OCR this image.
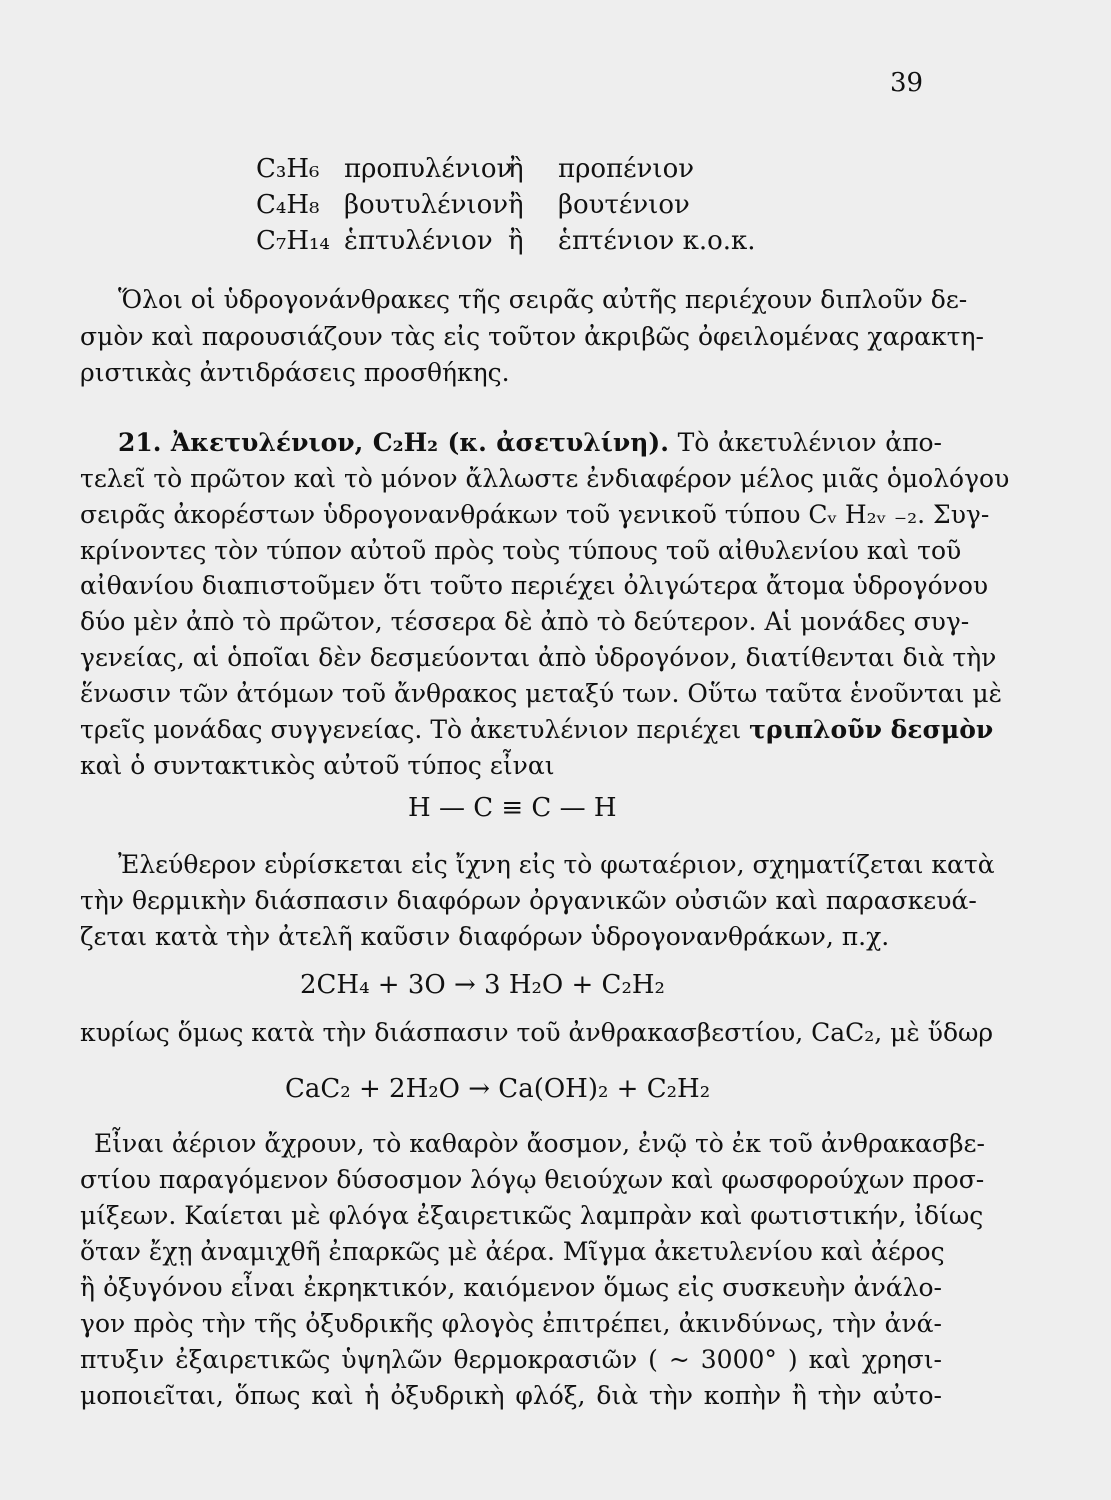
39
C₃H₆ προπυλένιονἢ προπένιον
C₄H₈ βουτυλένιονἢ βουτένιον
C₇H₁₄ ἑπτυλένιον ἢ ἑπτένιον κ.ο.κ.
Ὅλοι οἱ ὑδρογονάνθρακες τῆς σειρᾶς αὐτῆς περιέχουν διπλοῦν δε-
σμὸν καὶ παρουσιάζουν τὰς εἰς τοῦτον ἀκριβῶς ὀφειλομένας χαρακτη-
ριστικὰς ἀντιδράσεις προσθήκης.
21. Ἀκετυλένιον, C₂H₂ (κ. ἀσετυλίνη). Τὸ ἀκετυλένιον ἀπο-
τελεῖ τὸ πρῶτον καὶ τὸ μόνον ἄλλωστε ἐνδιαφέρον μέλος μιᾶς ὁμολόγου
σειρᾶς ἀκορέστων ὑδρογονανθράκων τοῦ γενικοῦ τύπου Cᵥ H₂ᵥ ₋₂. Συγ-
κρίνοντες τὸν τύπον αὐτοῦ πρὸς τοὺς τύπους τοῦ αἰθυλενίου καὶ τοῦ
αἰθανίου διαπιστοῦμεν ὅτι τοῦτο περιέχει ὀλιγώτερα ἄτομα ὑδρογόνου
δύο μὲν ἀπὸ τὸ πρῶτον, τέσσερα δὲ ἀπὸ τὸ δεύτερον. Αἱ μονάδες συγ-
γενείας, αἱ ὁποῖαι δὲν δεσμεύονται ἀπὸ ὑδρογόνον, διατίθενται διὰ τὴν
ἕνωσιν τῶν ἀτόμων τοῦ ἄνθρακος μεταξύ των. Οὕτω ταῦτα ἑνοῦνται μὲ
τρεῖς μονάδας συγγενείας. Τὸ ἀκετυλένιον περιέχει τριπλοῦν δεσμὸν
καὶ ὁ συντακτικὸς αὐτοῦ τύπος εἶναι
H — C ≡ C — H
Ἐλεύθερον εὑρίσκεται εἰς ἴχνη εἰς τὸ φωταέριον, σχηματίζεται κατὰ
τὴν θερμικὴν διάσπασιν διαφόρων ὀργανικῶν οὐσιῶν καὶ παρασκευά-
ζεται κατὰ τὴν ἀτελῆ καῦσιν διαφόρων ὑδρογονανθράκων, π.χ.
2CH₄ + 3O → 3 H₂O + C₂H₂
κυρίως ὅμως κατὰ τὴν διάσπασιν τοῦ ἀνθρακασβεστίου, CaC₂, μὲ ὕδωρ
CaC₂ + 2H₂O → Ca(OH)₂ + C₂H₂
Εἶναι ἀέριον ἄχρουν, τὸ καθαρὸν ἄοσμον, ἐνῷ τὸ ἐκ τοῦ ἀνθρακασβε-
στίου παραγόμενον δύσοσμον λόγῳ θειούχων καὶ φωσφορούχων προσ-
μίξεων. Καίεται μὲ φλόγα ἐξαιρετικῶς λαμπρὰν καὶ φωτιστικήν, ἰδίως
ὅταν ἔχῃ ἀναμιχθῆ ἐπαρκῶς μὲ ἀέρα. Μῖγμα ἀκετυλενίου καὶ ἀέρος
ἢ ὀξυγόνου εἶναι ἐκρηκτικόν, καιόμενον ὅμως εἰς συσκευὴν ἀνάλο-
γον πρὸς τὴν τῆς ὀξυδρικῆς φλογὸς ἐπιτρέπει, ἀκινδύνως, τὴν ἀνά-
πτυξιν ἐξαιρετικῶς ὑψηλῶν θερμοκρασιῶν ( ~ 3000° ) καὶ χρησι-
μοποιεῖται, ὅπως καὶ ἡ ὀξυδρικὴ φλόξ, διὰ τὴν κοπὴν ἢ τὴν αὐτο-
